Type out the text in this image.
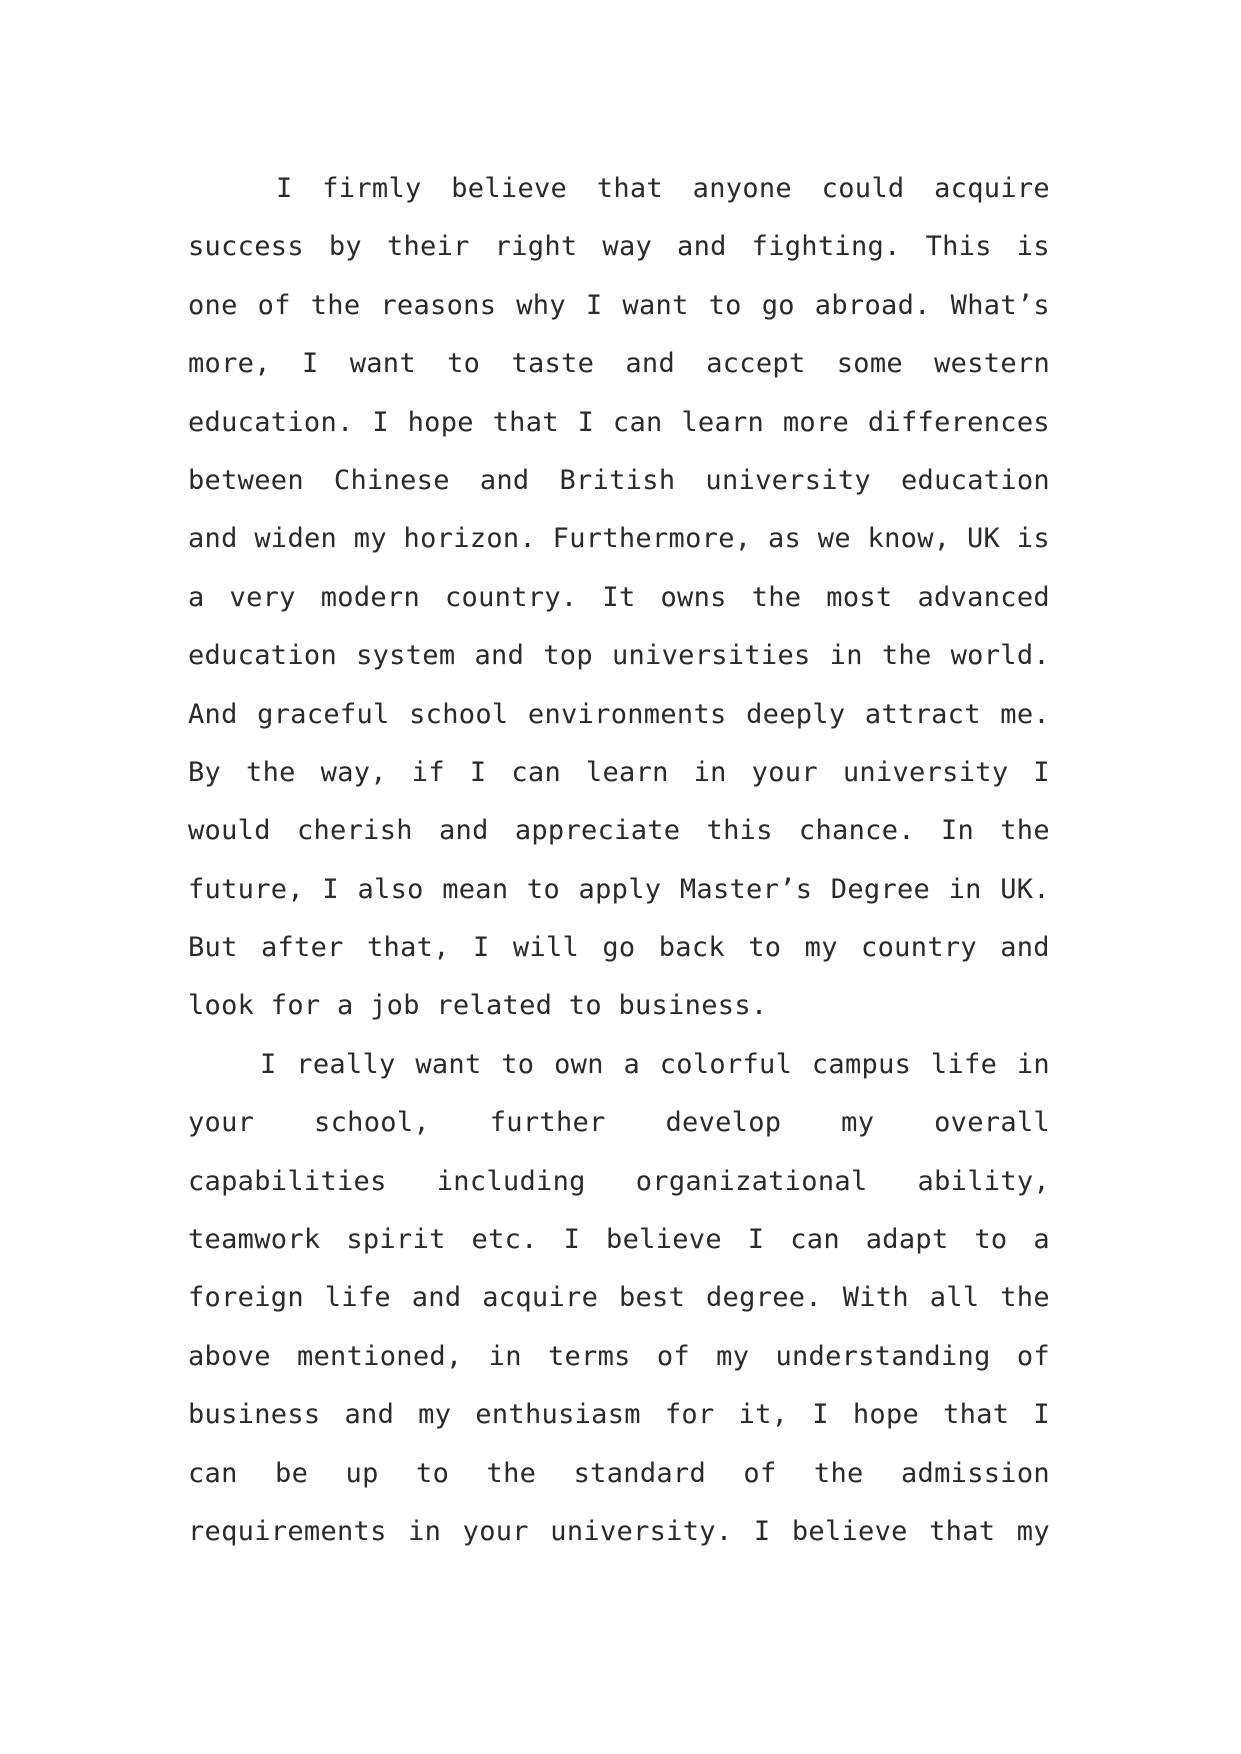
I firmly believe that anyone could acquire
success by their right way and fighting. This is
one of the reasons why I want to go abroad. What’s
more, I want to taste and accept some western
education. I hope that I can learn more differences
between Chinese and British university education
and widen my horizon. Furthermore, as we know, UK is
a very modern country. It owns the most advanced
education system and top universities in the world.
And graceful school environments deeply attract me.
By the way, if I can learn in your university I
would cherish and appreciate this chance. In the
future, I also mean to apply Master’s Degree in UK.
But after that, I will go back to my country and
look for a job related to business.
I really want to own a colorful campus life in
your school, further develop my overall
capabilities including organizational ability,
teamwork spirit etc. I believe I can adapt to a
foreign life and acquire best degree. With all the
above mentioned, in terms of my understanding of
business and my enthusiasm for it, I hope that I
can be up to the standard of the admission
requirements in your university. I believe that my
